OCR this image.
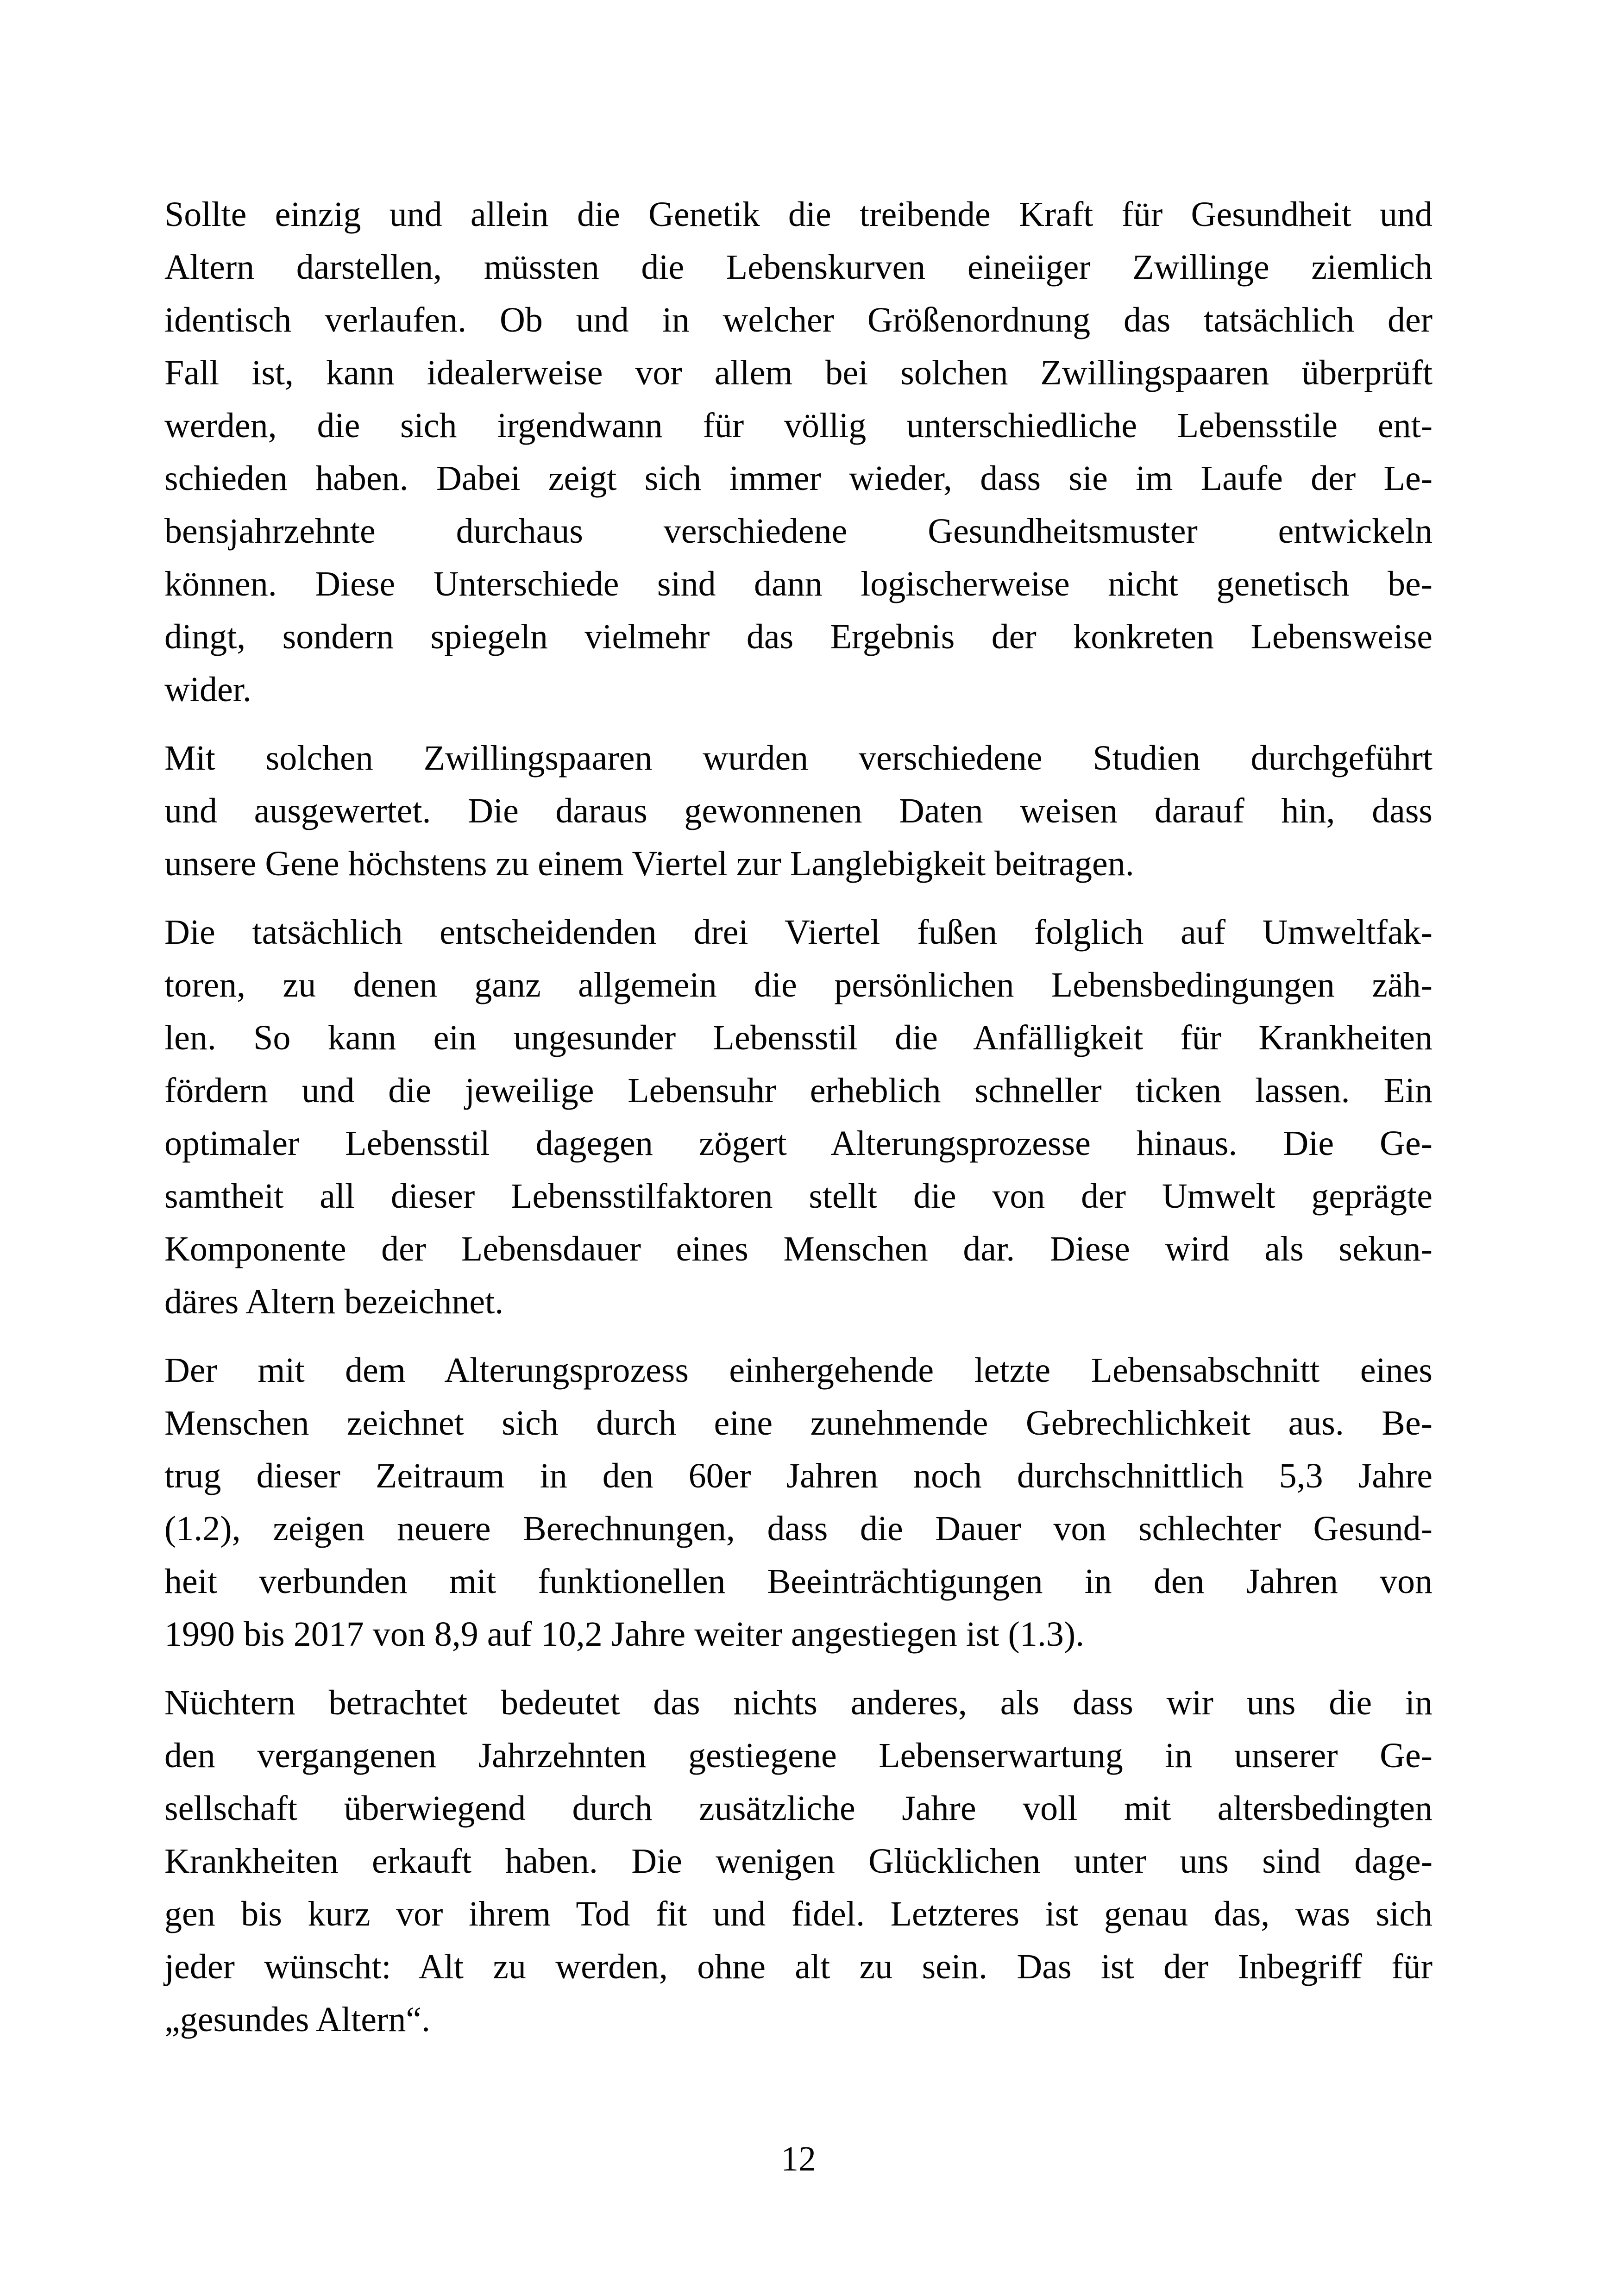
Sollte einzig und allein die Genetik die treibende Kraft für Gesundheit und
Altern darstellen, müssten die Lebenskurven eineiiger Zwillinge ziemlich
identisch verlaufen. Ob und in welcher Größenordnung das tatsächlich der
Fall ist, kann idealerweise vor allem bei solchen Zwillingspaaren überprüft
werden, die sich irgendwann für völlig unterschiedliche Lebensstile ent-
schieden haben. Dabei zeigt sich immer wieder, dass sie im Laufe der Le-
bensjahrzehnte durchaus verschiedene Gesundheitsmuster entwickeln
können. Diese Unterschiede sind dann logischerweise nicht genetisch be-
dingt, sondern spiegeln vielmehr das Ergebnis der konkreten Lebensweise
wider.
Mit solchen Zwillingspaaren wurden verschiedene Studien durchgeführt
und ausgewertet. Die daraus gewonnenen Daten weisen darauf hin, dass
unsere Gene höchstens zu einem Viertel zur Langlebigkeit beitragen.
Die tatsächlich entscheidenden drei Viertel fußen folglich auf Umweltfak-
toren, zu denen ganz allgemein die persönlichen Lebensbedingungen zäh-
len. So kann ein ungesunder Lebensstil die Anfälligkeit für Krankheiten
fördern und die jeweilige Lebensuhr erheblich schneller ticken lassen. Ein
optimaler Lebensstil dagegen zögert Alterungsprozesse hinaus. Die Ge-
samtheit all dieser Lebensstilfaktoren stellt die von der Umwelt geprägte
Komponente der Lebensdauer eines Menschen dar. Diese wird als sekun-
däres Altern bezeichnet.
Der mit dem Alterungsprozess einhergehende letzte Lebensabschnitt eines
Menschen zeichnet sich durch eine zunehmende Gebrechlichkeit aus. Be-
trug dieser Zeitraum in den 60er Jahren noch durchschnittlich 5,3 Jahre
(1.2), zeigen neuere Berechnungen, dass die Dauer von schlechter Gesund-
heit verbunden mit funktionellen Beeinträchtigungen in den Jahren von
1990 bis 2017 von 8,9 auf 10,2 Jahre weiter angestiegen ist (1.3).
Nüchtern betrachtet bedeutet das nichts anderes, als dass wir uns die in
den vergangenen Jahrzehnten gestiegene Lebenserwartung in unserer Ge-
sellschaft überwiegend durch zusätzliche Jahre voll mit altersbedingten
Krankheiten erkauft haben. Die wenigen Glücklichen unter uns sind dage-
gen bis kurz vor ihrem Tod fit und fidel. Letzteres ist genau das, was sich
jeder wünscht: Alt zu werden, ohne alt zu sein. Das ist der Inbegriff für
„gesundes Altern“.
12
